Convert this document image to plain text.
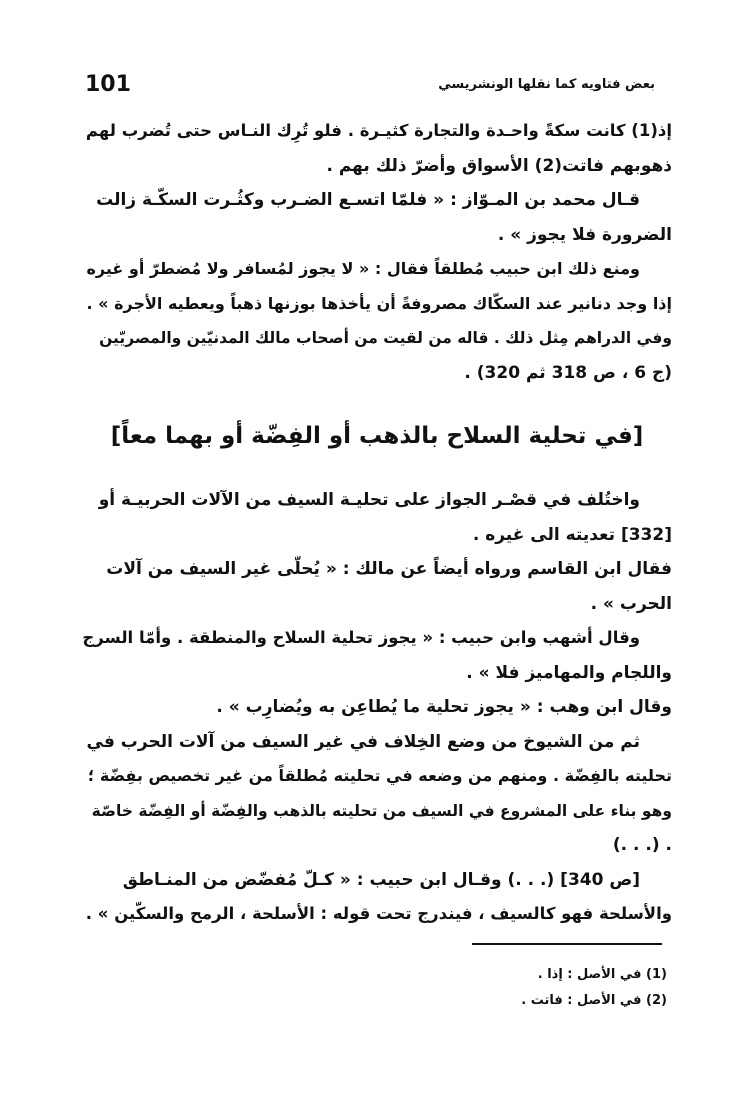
101	بعض فتاويه كما نقلها الونشريسي
إذ(1) كانت سكةً واحـدة والتجارة كثيـرة . فلو تُرِك النـاس حتى تُضرب لهم
ذهوبهم فاتت(2) الأسواق وأضرّ ذلك بهم .
قـال محمد بن المـوّاز : « فلمّا اتسـع الضـرب وكثُـرت السكّـة زالت
الضرورة فلا يجوز » .
ومنع ذلك ابن حبيب مُطلقاً فقال : « لا يجوز لمُسافر ولا مُضطرّ أو غيره
إذا وجد دنانير عند السكّاك مصروفةً أن يأخذها بوزنها ذهباً ويعطيه الأجرة » .
وفي الدراهم مِثل ذلك . قاله من لقيت من أصحاب مالك المدنيّين والمصريّين
(ج 6 ، ص 318 ثم 320) .
[في تحلية السلاح بالذهب أو الفِضّة أو بهما معاً]
واختُلف في قصْـر الجواز على تحليـة السيف من الآلات الحربيـة أو
[332] تعديته الى غيره .
فقال ابن القاسم ورواه أيضاً عن مالك : « يُحلّى غير السيف من آلات
الحرب » .
وقال أشهب وابن حبيب : « يجوز تحلية السلاح والمنطقة . وأمّا السرج
واللجام والمهاميز فلا » .
وقال ابن وهب : « يجوز تحلية ما يُطاعِن به ويُضارِب » .
ثم من الشيوخ من وضع الخِلاف في غير السيف من آلات الحرب في
تحليته بالفِضّة . ومنهم من وضعه في تحليته مُطلقاً من غير تخصيص بفِضّة ؛
وهو بناء على المشروع في السيف من تحليته بالذهب والفِضّة أو الفِضّة خاصّة
. (. . .)
[ص 340] (. . .) وقـال ابن حبيب : « كـلّ مُفضّض من المنـاطق
والأسلحة فهو كالسيف ، فيندرج تحت قوله : الأسلحة ، الرمح والسكّين » .
(1) في الأصل : إذا .
(2) في الأصل : فاتت .
